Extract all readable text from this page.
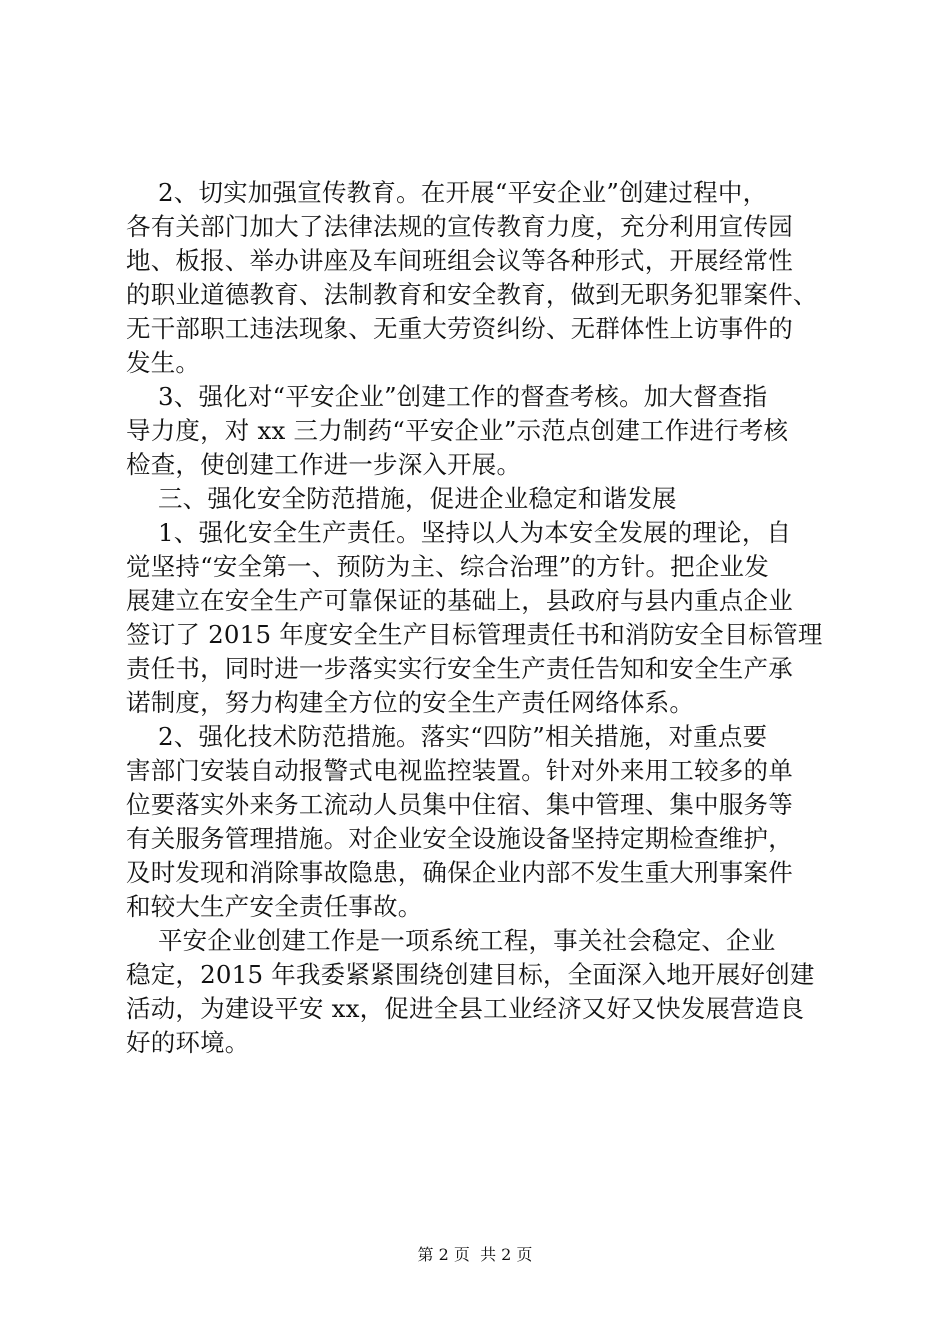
2、切实加强宣传教育。在开展“平安企业”创建过程中，
各有关部门加大了法律法规的宣传教育力度，充分利用宣传园
地、板报、举办讲座及车间班组会议等各种形式，开展经常性
的职业道德教育、法制教育和安全教育，做到无职务犯罪案件、
无干部职工违法现象、无重大劳资纠纷、无群体性上访事件的
发生。
3、强化对“平安企业”创建工作的督查考核。加大督查指
导力度，对 xx 三力制药“平安企业”示范点创建工作进行考核
检查，使创建工作进一步深入开展。
三、强化安全防范措施，促进企业稳定和谐发展
1、强化安全生产责任。坚持以人为本安全发展的理论，自
觉坚持“安全第一、预防为主、综合治理”的方针。把企业发
展建立在安全生产可靠保证的基础上，县政府与县内重点企业
签订了 2015 年度安全生产目标管理责任书和消防安全目标管理
责任书，同时进一步落实实行安全生产责任告知和安全生产承
诺制度，努力构建全方位的安全生产责任网络体系。
2、强化技术防范措施。落实“四防”相关措施，对重点要
害部门安装自动报警式电视监控装置。针对外来用工较多的单
位要落实外来务工流动人员集中住宿、集中管理、集中服务等
有关服务管理措施。对企业安全设施设备坚持定期检查维护，
及时发现和消除事故隐患，确保企业内部不发生重大刑事案件
和较大生产安全责任事故。
平安企业创建工作是一项系统工程，事关社会稳定、企业
稳定，2015 年我委紧紧围绕创建目标，全面深入地开展好创建
活动，为建设平安 xx，促进全县工业经济又好又快发展营造良
好的环境。
第 2 页  共 2 页
